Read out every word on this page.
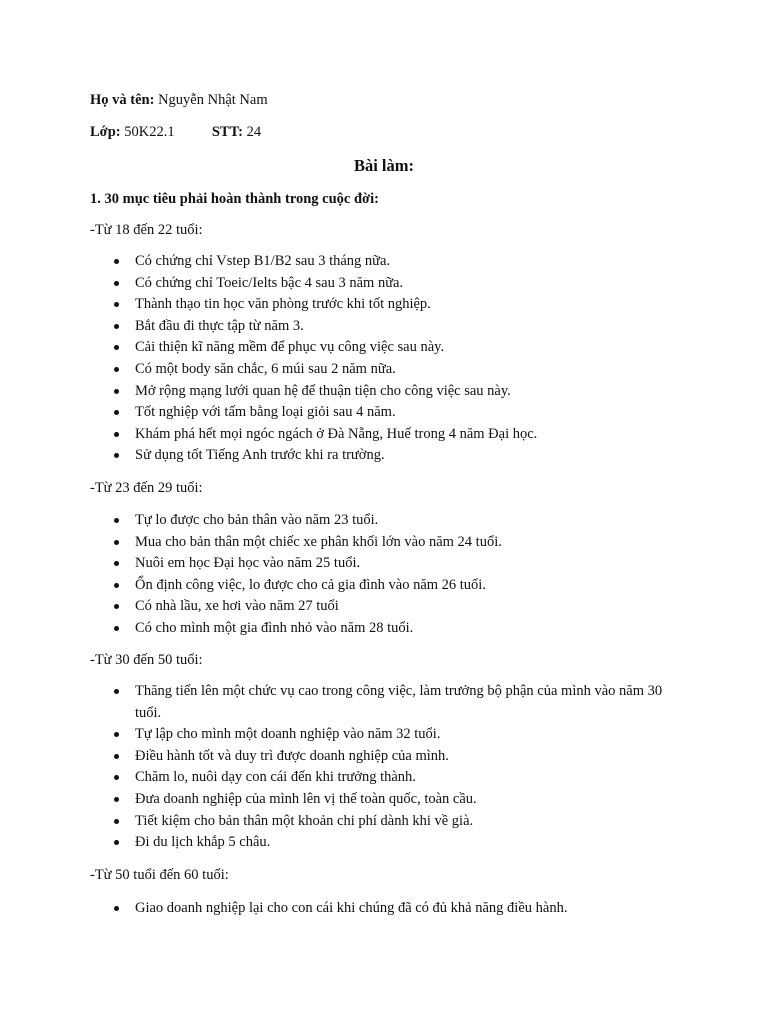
Họ và tên: Nguyễn Nhật Nam
Lớp: 50K22.1	STT: 24
Bài làm:
1. 30 mục tiêu phải hoàn thành trong cuộc đời:
-Từ 18 đến 22 tuổi:
Có chứng chỉ Vstep B1/B2 sau 3 tháng nữa.
Có chứng chỉ Toeic/Ielts bậc 4 sau 3 năm nữa.
Thành thạo tin học văn phòng trước khi tốt nghiệp.
Bắt đầu đi thực tập từ năm 3.
Cải thiện kĩ năng mềm để phục vụ công việc sau này.
Có một body săn chắc, 6 múi sau 2 năm nữa.
Mở rộng mạng lưới quan hệ để thuận tiện cho công việc sau này.
Tốt nghiệp với tấm bằng loại giỏi sau 4 năm.
Khám phá hết mọi ngóc ngách ở Đà Nẵng, Huế trong 4 năm Đại học.
Sử dụng tốt Tiếng Anh trước khi ra trường.
-Từ 23 đến 29 tuổi:
Tự lo được cho bản thân vào năm 23 tuổi.
Mua cho bản thân một chiếc xe phân khối lớn vào năm 24 tuổi.
Nuôi em học Đại học vào năm 25 tuổi.
Ổn định công việc, lo được cho cả gia đình vào năm 26 tuổi.
Có nhà lầu, xe hơi vào năm 27 tuổi
Có cho mình một gia đình nhỏ vào năm 28 tuổi.
-Từ 30 đến 50 tuổi:
Thăng tiến lên một chức vụ cao trong công việc, làm trưởng bộ phận của mình vào năm 30 tuổi.
Tự lập cho mình một doanh nghiệp vào năm 32 tuổi.
Điều hành tốt và duy trì được doanh nghiệp của mình.
Chăm lo, nuôi dạy con cái đến khi trưởng thành.
Đưa doanh nghiệp của mình lên vị thế toàn quốc, toàn cầu.
Tiết kiệm cho bản thân một khoản chi phí dành khi về già.
Đi du lịch khắp 5 châu.
-Từ 50 tuổi đến 60 tuổi:
Giao doanh nghiệp lại cho con cái khi chúng đã có đủ khả năng điều hành.
